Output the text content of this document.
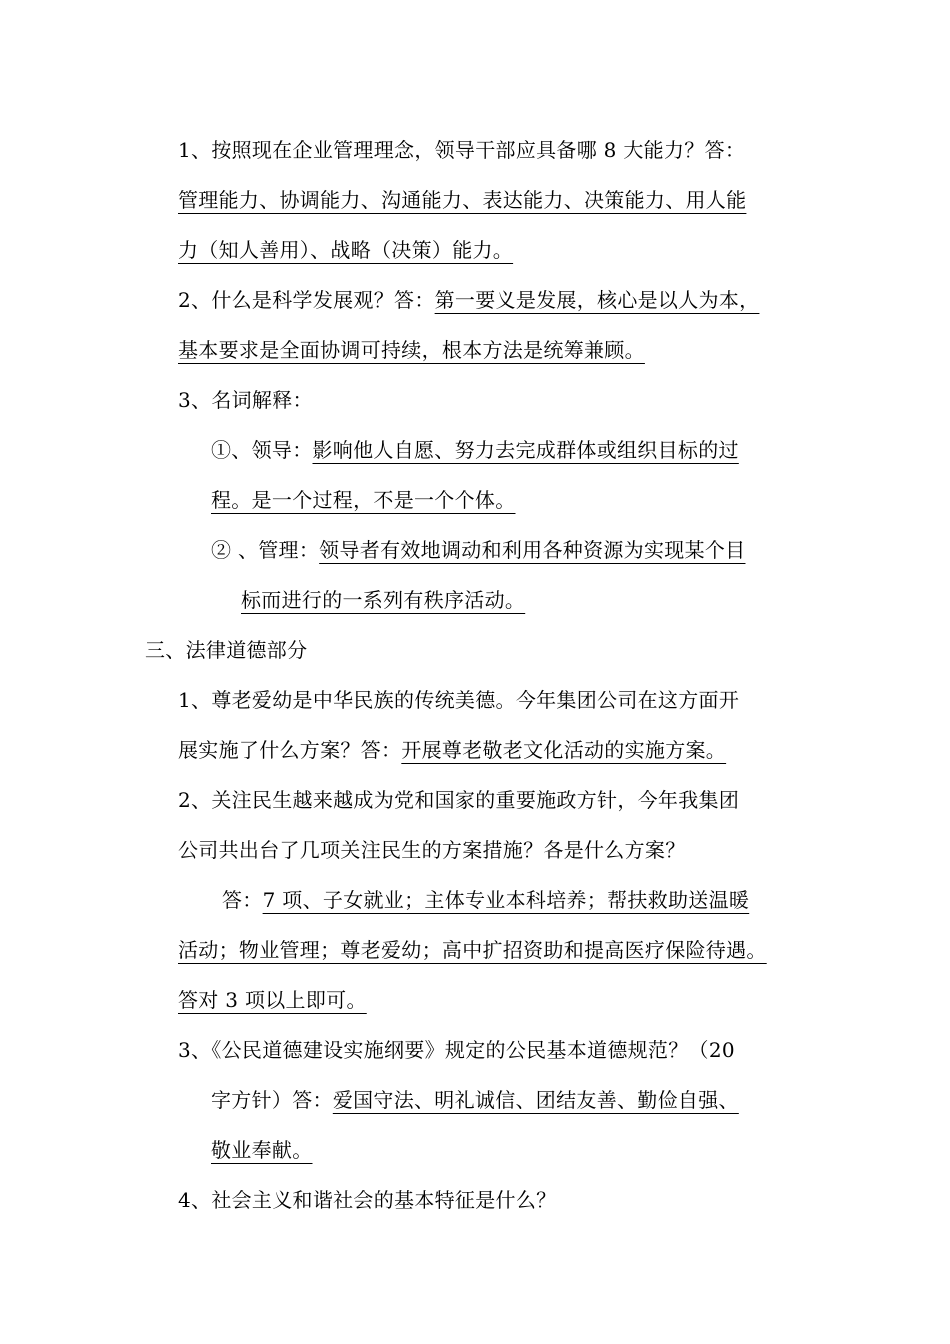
1、按照现在企业管理理念，领导干部应具备哪 8 大能力？答：
管理能力、协调能力、沟通能力、表达能力、决策能力、用人能
力（知人善用）、战略（决策）能力。
2、什么是科学发展观？答：第一要义是发展，核心是以人为本，
基本要求是全面协调可持续，根本方法是统筹兼顾。
3、名词解释：
①、领导：影响他人自愿、努力去完成群体或组织目标的过
程。是一个过程，不是一个个体。
② 、管理：领导者有效地调动和利用各种资源为实现某个目
标而进行的一系列有秩序活动。
三、法律道德部分
1、尊老爱幼是中华民族的传统美德。今年集团公司在这方面开
展实施了什么方案？答：开展尊老敬老文化活动的实施方案。
2、关注民生越来越成为党和国家的重要施政方针，今年我集团
公司共出台了几项关注民生的方案措施？各是什么方案？
答：7 项、子女就业；主体专业本科培养；帮扶救助送温暖
活动；物业管理；尊老爱幼；高中扩招资助和提高医疗保险待遇。
答对 3 项以上即可。
3、《公民道德建设实施纲要》规定的公民基本道德规范？（20
字方针）答：爱国守法、明礼诚信、团结友善、勤俭自强、
敬业奉献。
4、社会主义和谐社会的基本特征是什么？
